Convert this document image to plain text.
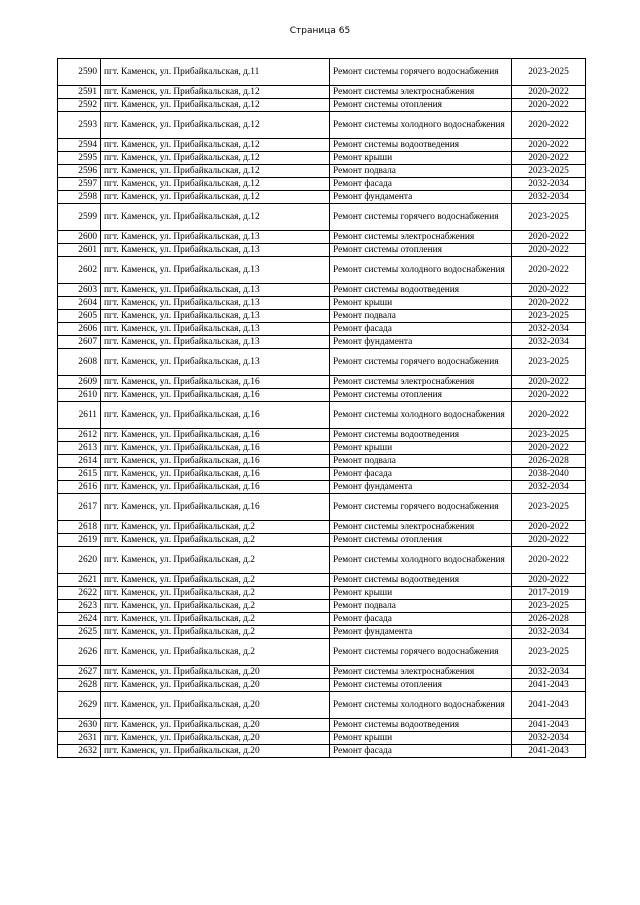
Страница 65
2590	пгт. Каменск, ул. Прибайкальская, д.11	Ремонт системы горячего водоснабжения	2023-2025
2591	пгт. Каменск, ул. Прибайкальская, д.12	Ремонт системы электроснабжения	2020-2022
2592	пгт. Каменск, ул. Прибайкальская, д.12	Ремонт системы отопления	2020-2022
2593	пгт. Каменск, ул. Прибайкальская, д.12	Ремонт системы холодного водоснабжения	2020-2022
2594	пгт. Каменск, ул. Прибайкальская, д.12	Ремонт системы водоотведения	2020-2022
2595	пгт. Каменск, ул. Прибайкальская, д.12	Ремонт крыши	2020-2022
2596	пгт. Каменск, ул. Прибайкальская, д.12	Ремонт подвала	2023-2025
2597	пгт. Каменск, ул. Прибайкальская, д.12	Ремонт фасада	2032-2034
2598	пгт. Каменск, ул. Прибайкальская, д.12	Ремонт фундамента	2032-2034
2599	пгт. Каменск, ул. Прибайкальская, д.12	Ремонт системы горячего водоснабжения	2023-2025
2600	пгт. Каменск, ул. Прибайкальская, д.13	Ремонт системы электроснабжения	2020-2022
2601	пгт. Каменск, ул. Прибайкальская, д.13	Ремонт системы отопления	2020-2022
2602	пгт. Каменск, ул. Прибайкальская, д.13	Ремонт системы холодного водоснабжения	2020-2022
2603	пгт. Каменск, ул. Прибайкальская, д.13	Ремонт системы водоотведения	2020-2022
2604	пгт. Каменск, ул. Прибайкальская, д.13	Ремонт крыши	2020-2022
2605	пгт. Каменск, ул. Прибайкальская, д.13	Ремонт подвала	2023-2025
2606	пгт. Каменск, ул. Прибайкальская, д.13	Ремонт фасада	2032-2034
2607	пгт. Каменск, ул. Прибайкальская, д.13	Ремонт фундамента	2032-2034
2608	пгт. Каменск, ул. Прибайкальская, д.13	Ремонт системы горячего водоснабжения	2023-2025
2609	пгт. Каменск, ул. Прибайкальская, д.16	Ремонт системы электроснабжения	2020-2022
2610	пгт. Каменск, ул. Прибайкальская, д.16	Ремонт системы отопления	2020-2022
2611	пгт. Каменск, ул. Прибайкальская, д.16	Ремонт системы холодного водоснабжения	2020-2022
2612	пгт. Каменск, ул. Прибайкальская, д.16	Ремонт системы водоотведения	2023-2025
2613	пгт. Каменск, ул. Прибайкальская, д.16	Ремонт крыши	2020-2022
2614	пгт. Каменск, ул. Прибайкальская, д.16	Ремонт подвала	2026-2028
2615	пгт. Каменск, ул. Прибайкальская, д.16	Ремонт фасада	2038-2040
2616	пгт. Каменск, ул. Прибайкальская, д.16	Ремонт фундамента	2032-2034
2617	пгт. Каменск, ул. Прибайкальская, д.16	Ремонт системы горячего водоснабжения	2023-2025
2618	пгт. Каменск, ул. Прибайкальская, д.2	Ремонт системы электроснабжения	2020-2022
2619	пгт. Каменск, ул. Прибайкальская, д.2	Ремонт системы отопления	2020-2022
2620	пгт. Каменск, ул. Прибайкальская, д.2	Ремонт системы холодного водоснабжения	2020-2022
2621	пгт. Каменск, ул. Прибайкальская, д.2	Ремонт системы водоотведения	2020-2022
2622	пгт. Каменск, ул. Прибайкальская, д.2	Ремонт крыши	2017-2019
2623	пгт. Каменск, ул. Прибайкальская, д.2	Ремонт подвала	2023-2025
2624	пгт. Каменск, ул. Прибайкальская, д.2	Ремонт фасада	2026-2028
2625	пгт. Каменск, ул. Прибайкальская, д.2	Ремонт фундамента	2032-2034
2626	пгт. Каменск, ул. Прибайкальская, д.2	Ремонт системы горячего водоснабжения	2023-2025
2627	пгт. Каменск, ул. Прибайкальская, д.20	Ремонт системы электроснабжения	2032-2034
2628	пгт. Каменск, ул. Прибайкальская, д.20	Ремонт системы отопления	2041-2043
2629	пгт. Каменск, ул. Прибайкальская, д.20	Ремонт системы холодного водоснабжения	2041-2043
2630	пгт. Каменск, ул. Прибайкальская, д.20	Ремонт системы водоотведения	2041-2043
2631	пгт. Каменск, ул. Прибайкальская, д.20	Ремонт крыши	2032-2034
2632	пгт. Каменск, ул. Прибайкальская, д.20	Ремонт фасада	2041-2043
